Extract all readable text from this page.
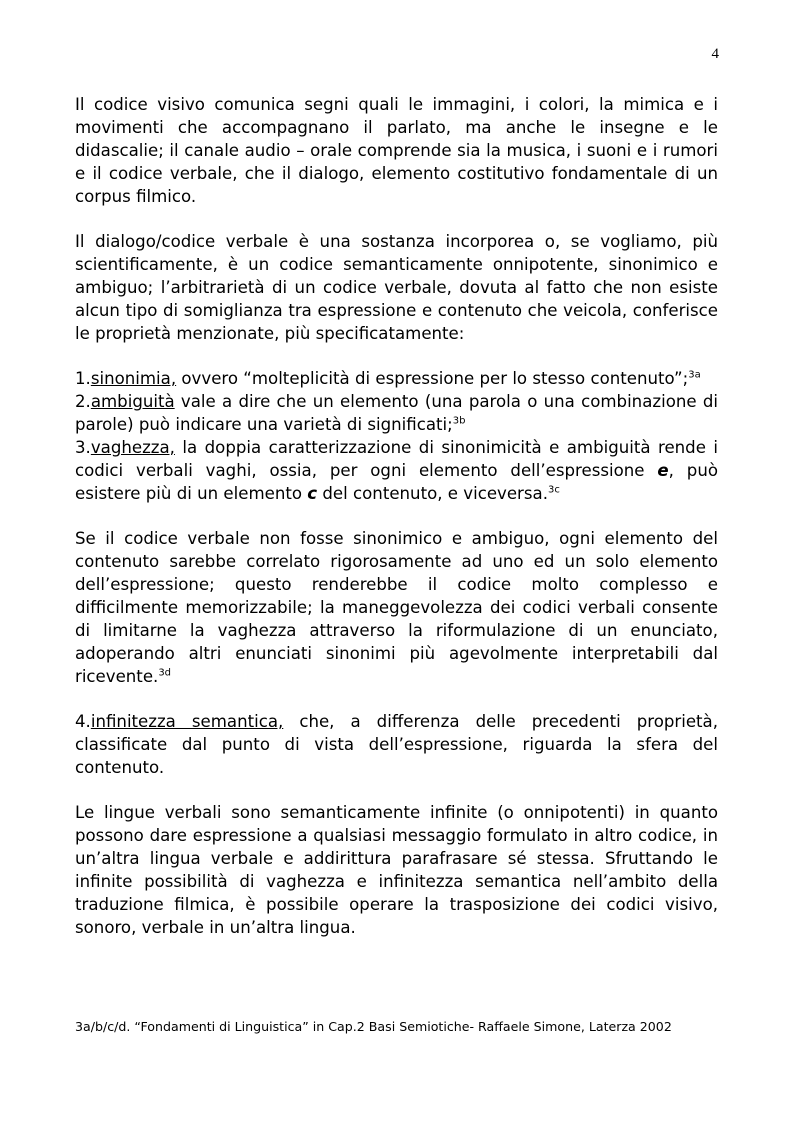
4

Il codice visivo comunica segni quali le immagini, i colori, la mimica e i movimenti che accompagnano il parlato, ma anche le insegne e le didascalie; il canale audio – orale comprende sia la musica, i suoni e i rumori e il codice verbale, che il dialogo, elemento costitutivo fondamentale di un corpus filmico.

Il dialogo/codice verbale è una sostanza incorporea o, se vogliamo, più scientificamente, è un codice semanticamente onnipotente, sinonimico e ambiguo; l’arbitrarietà di un codice verbale, dovuta al fatto che non esiste alcun tipo di somiglianza tra espressione e contenuto che veicola, conferisce le proprietà menzionate, più specificatamente:

1.sinonimia, ovvero “molteplicità di espressione per lo stesso contenuto”;$^{3a}$

2.ambiguità vale a dire che un elemento (una parola o una combinazione di parole) può indicare una varietà di significati;$^{3b}$

3.vaghezza, la doppia caratterizzazione di sinonimicità e ambiguità rende i codici verbali vaghi, ossia, per ogni elemento dell’espressione e, può esistere più di un elemento c del contenuto, e viceversa.$^{3c}$

Se il codice verbale non fosse sinonimico e ambiguo, ogni elemento del contenuto sarebbe correlato rigorosamente ad uno ed un solo elemento dell’espressione; questo renderebbe il codice molto complesso e difficilmente memorizzabile; la maneggevolezza dei codici verbali consente di limitarne la vaghezza attraverso la riformulazione di un enunciato, adoperando altri enunciati sinonimi più agevolmente interpretabili dal ricevente.$^{3d}$

4.infinitezza semantica, che, a differenza delle precedenti proprietà, classificate dal punto di vista dell’espressione, riguarda la sfera del contenuto.

Le lingue verbali sono semanticamente infinite (o onnipotenti) in quanto possono dare espressione a qualsiasi messaggio formulato in altro codice, in un’altra lingua verbale e addirittura parafrasare sé stessa. Sfruttando le infinite possibilità di vaghezza e infinitezza semantica nell’ambito della traduzione filmica, è possibile operare la trasposizione dei codici visivo, sonoro, verbale in un’altra lingua.

3a/b/c/d. “Fondamenti di Linguistica” in Cap.2 Basi Semiotiche- Raffaele Simone, Laterza 2002
